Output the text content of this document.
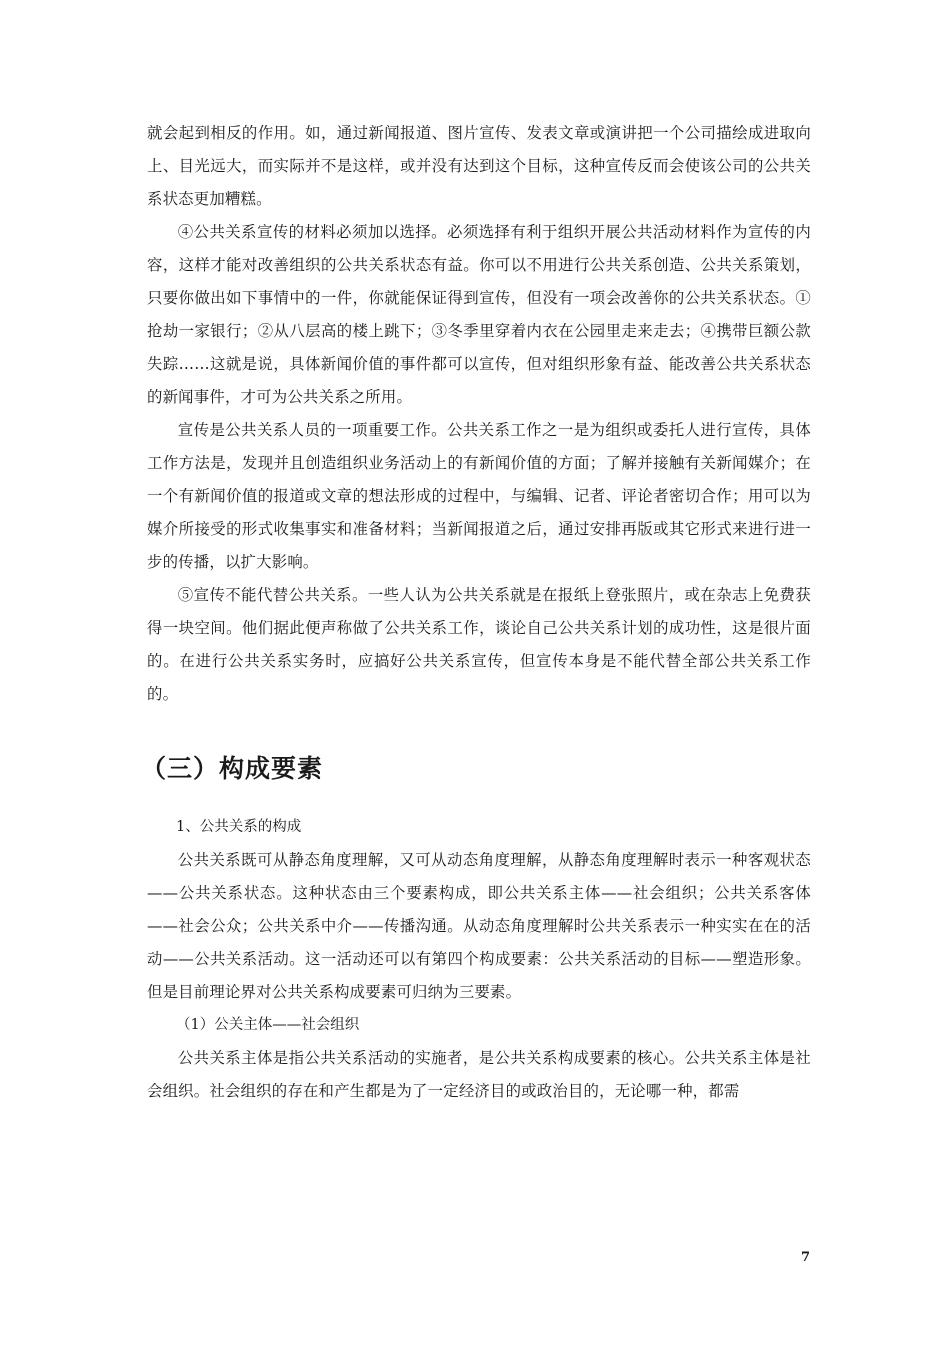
就会起到相反的作用。如，通过新闻报道、图片宣传、发表文章或演讲把一个公司描绘成进取向上、目光远大，而实际并不是这样，或并没有达到这个目标，这种宣传反而会使该公司的公共关系状态更加糟糕。

④公共关系宣传的材料必须加以选择。必须选择有利于组织开展公共活动材料作为宣传的内容，这样才能对改善组织的公共关系状态有益。你可以不用进行公共关系创造、公共关系策划，只要你做出如下事情中的一件，你就能保证得到宣传，但没有一项会改善你的公共关系状态。①抢劫一家银行；②从八层高的楼上跳下；③冬季里穿着内衣在公园里走来走去；④携带巨额公款失踪……这就是说，具体新闻价值的事件都可以宣传，但对组织形象有益、能改善公共关系状态的新闻事件，才可为公共关系之所用。

宣传是公共关系人员的一项重要工作。公共关系工作之一是为组织或委托人进行宣传，具体工作方法是，发现并且创造组织业务活动上的有新闻价值的方面；了解并接触有关新闻媒介；在一个有新闻价值的报道或文章的想法形成的过程中，与编辑、记者、评论者密切合作；用可以为媒介所接受的形式收集事实和准备材料；当新闻报道之后，通过安排再版或其它形式来进行进一步的传播，以扩大影响。

⑤宣传不能代替公共关系。一些人认为公共关系就是在报纸上登张照片，或在杂志上免费获得一块空间。他们据此便声称做了公共关系工作，谈论自己公共关系计划的成功性，这是很片面的。在进行公共关系实务时，应搞好公共关系宣传，但宣传本身是不能代替全部公共关系工作的。

（三）构成要素

1、公共关系的构成

公共关系既可从静态角度理解，又可从动态角度理解，从静态角度理解时表示一种客观状态——公共关系状态。这种状态由三个要素构成，即公共关系主体——社会组织；公共关系客体——社会公众；公共关系中介——传播沟通。从动态角度理解时公共关系表示一种实实在在的活动——公共关系活动。这一活动还可以有第四个构成要素：公共关系活动的目标——塑造形象。但是目前理论界对公共关系构成要素可归纳为三要素。

（1）公关主体——社会组织

公共关系主体是指公共关系活动的实施者，是公共关系构成要素的核心。公共关系主体是社会组织。社会组织的存在和产生都是为了一定经济目的或政治目的，无论哪一种，都需

7
